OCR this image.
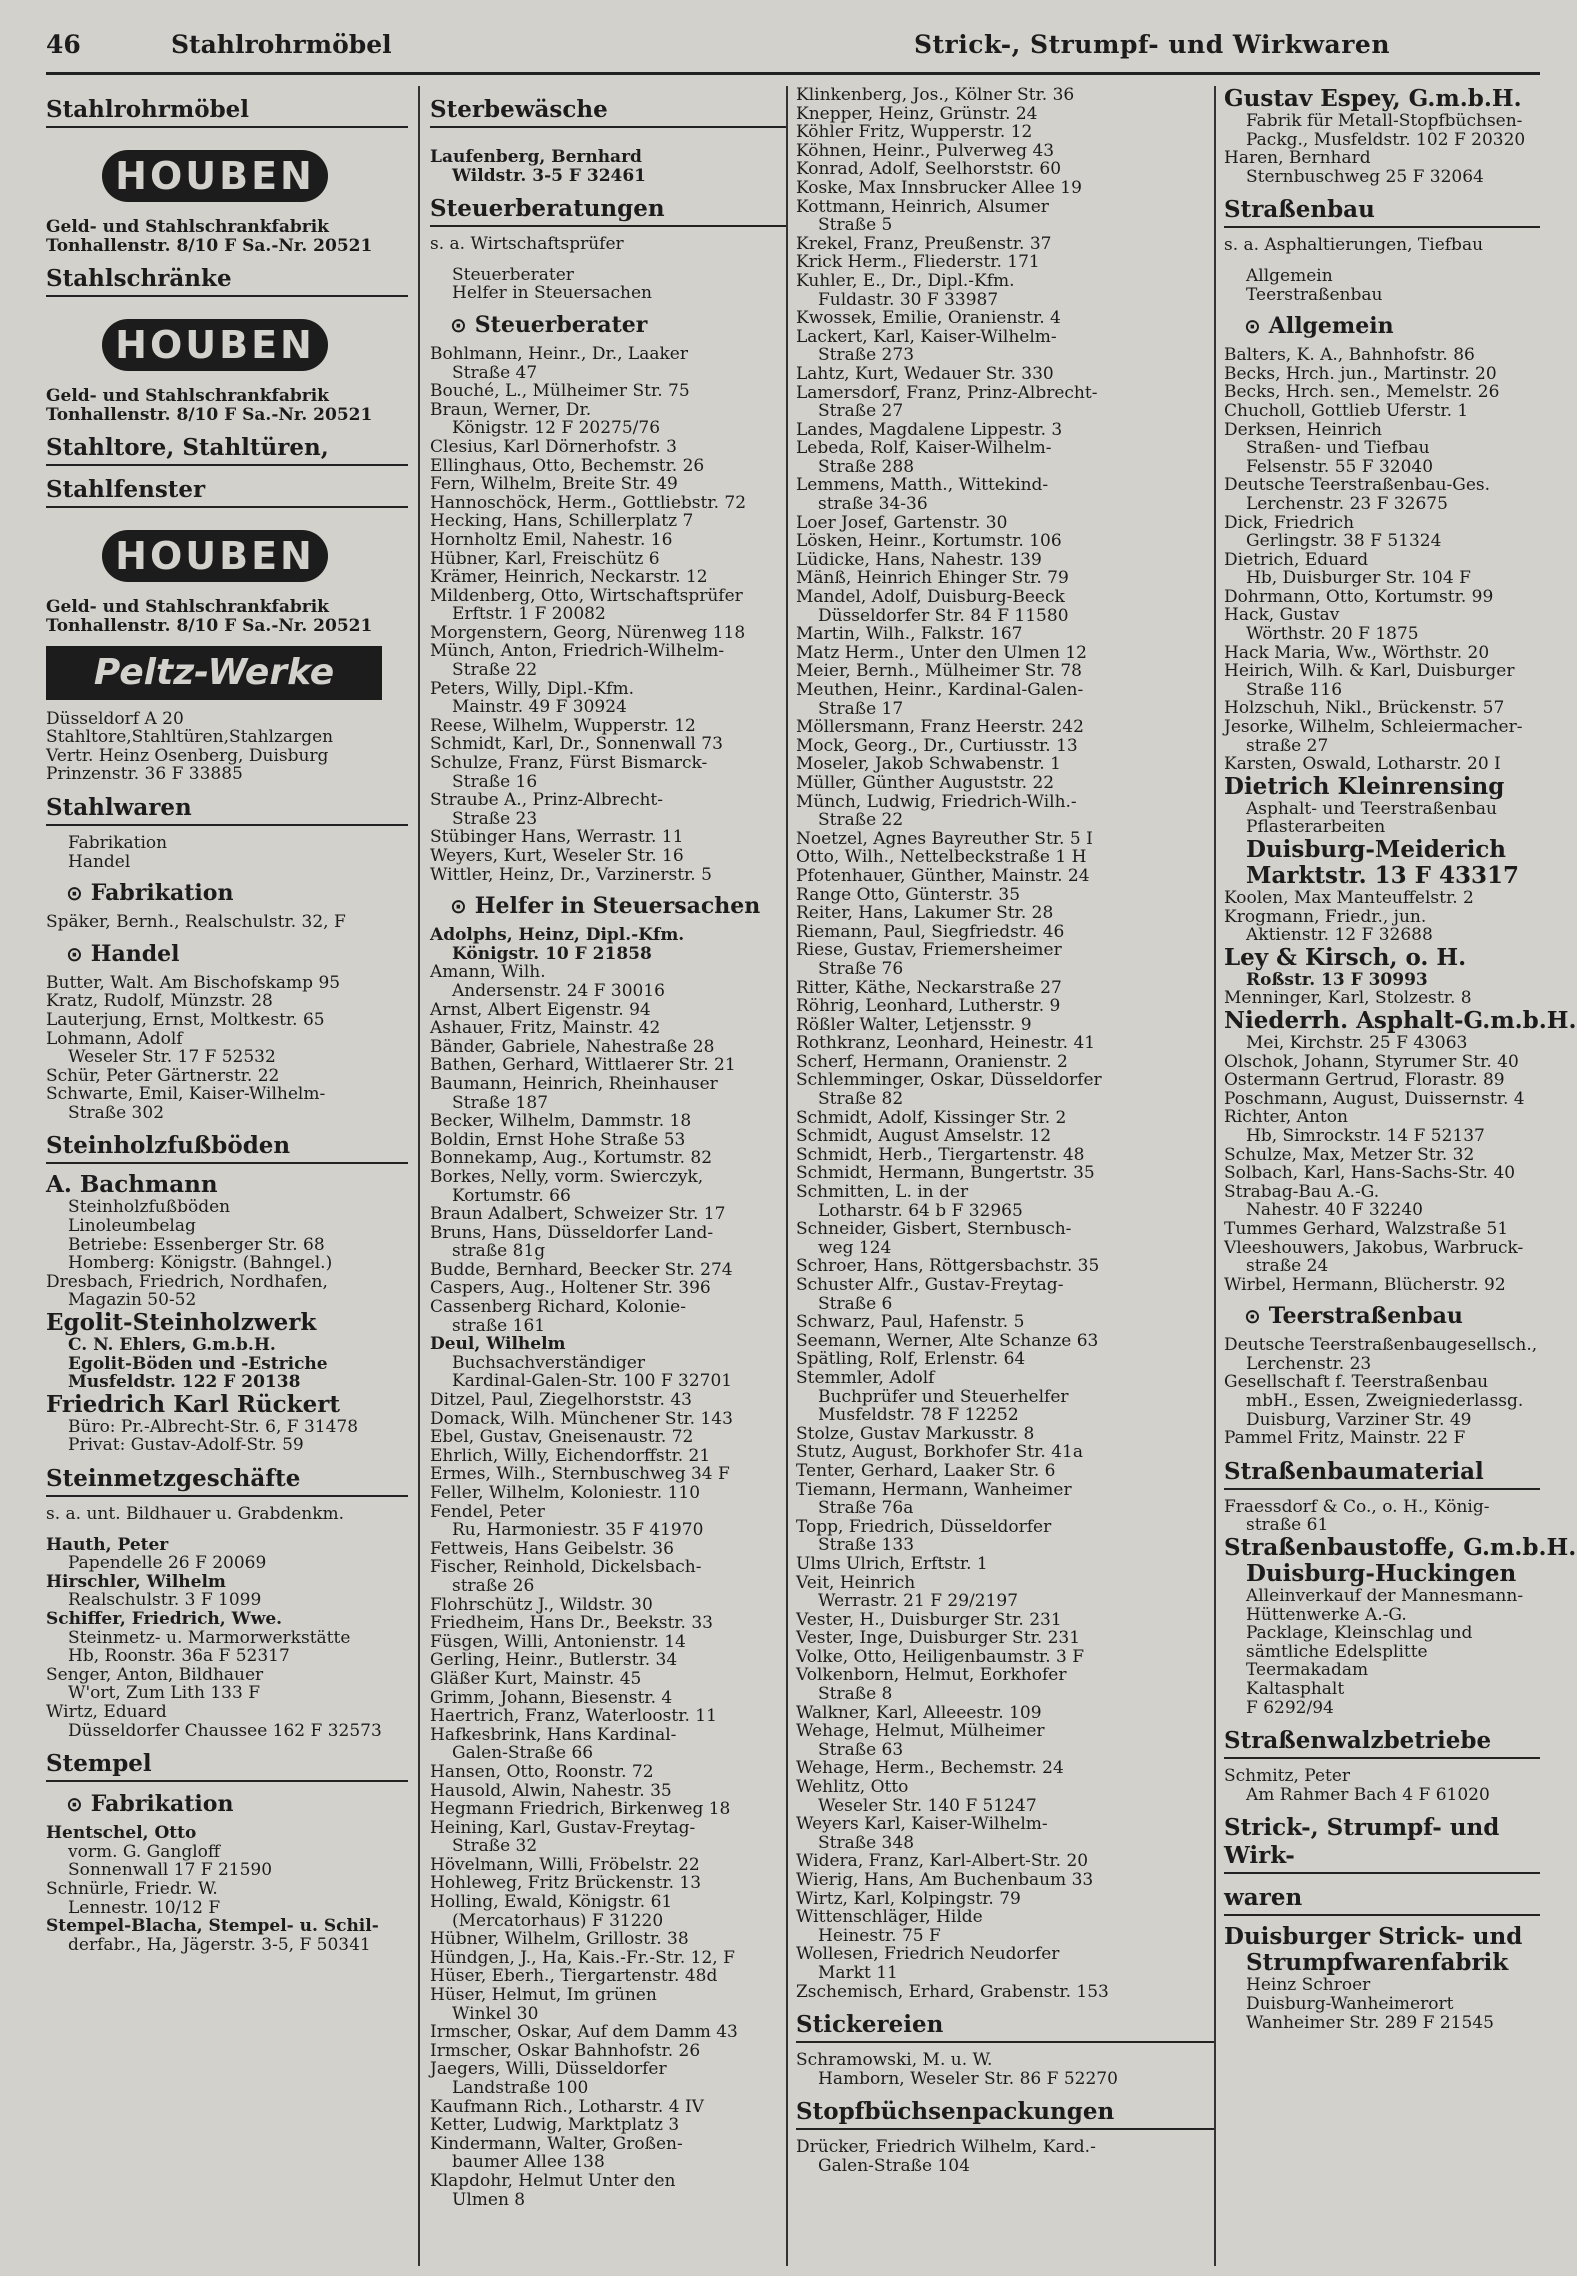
46	Stahlrohrmöbel	Strick-, Strumpf- und Wirkwaren
Stahlrohrmöbel
HOUBEN
Geld- und Stahlschrankfabrik
Tonhallenstr. 8/10 F Sa.-Nr. 20521
Stahlschränke
HOUBEN
Geld- und Stahlschrankfabrik
Tonhallenstr. 8/10 F Sa.-Nr. 20521
Stahltore, Stahltüren,
Stahlfenster
HOUBEN
Geld- und Stahlschrankfabrik
Tonhallenstr. 8/10 F Sa.-Nr. 20521
Peltz-Werke
Düsseldorf A 20
Stahltore,Stahltüren,Stahlzargen
Vertr. Heinz Osenberg, Duisburg
Prinzenstr. 36 F 33885
Stahlwaren
Fabrikation
Handel
⊙ Fabrikation
Späker, Bernh., Realschulstr. 32, F
⊙ Handel
Butter, Walt. Am Bischofskamp 95
Kratz, Rudolf, Münzstr. 28
Lauterjung, Ernst, Moltkestr. 65
Lohmann, Adolf
Weseler Str. 17 F 52532
Schür, Peter Gärtnerstr. 22
Schwarte, Emil, Kaiser-Wilhelm-
Straße 302
Steinholzfußböden
A. Bachmann
Steinholzfußböden
Linoleumbelag
Betriebe: Essenberger Str. 68
Homberg: Königstr. (Bahngel.)
Dresbach, Friedrich, Nordhafen,
Magazin 50-52
Egolit-Steinholzwerk
C. N. Ehlers, G.m.b.H.
Egolit-Böden und -Estriche
Musfeldstr. 122 F 20138
Friedrich Karl Rückert
Büro: Pr.-Albrecht-Str. 6, F 31478
Privat: Gustav-Adolf-Str. 59
Steinmetzgeschäfte
s. a. unt. Bildhauer u. Grabdenkm.
Hauth, Peter
Papendelle 26 F 20069
Hirschler, Wilhelm
Realschulstr. 3 F 1099
Schiffer, Friedrich, Wwe.
Steinmetz- u. Marmorwerkstätte
Hb, Roonstr. 36a F 52317
Senger, Anton, Bildhauer
W'ort, Zum Lith 133 F
Wirtz, Eduard
Düsseldorfer Chaussee 162 F 32573
Stempel
⊙ Fabrikation
Hentschel, Otto
vorm. G. Gangloff
Sonnenwall 17 F 21590
Schnürle, Friedr. W.
Lennestr. 10/12 F
Stempel-Blacha, Stempel- u. Schil-
derfabr., Ha, Jägerstr. 3-5, F 50341
Sterbewäsche
Laufenberg, Bernhard
Wildstr. 3-5 F 32461
Steuerberatungen
s. a. Wirtschaftsprüfer
Steuerberater
Helfer in Steuersachen
⊙ Steuerberater
Bohlmann, Heinr., Dr., Laaker
Straße 47
Bouché, L., Mülheimer Str. 75
Braun, Werner, Dr.
Königstr. 12 F 20275/76
Clesius, Karl Dörnerhofstr. 3
Ellinghaus, Otto, Bechemstr. 26
Fern, Wilhelm, Breite Str. 49
Hannoschöck, Herm., Gottliebstr. 72
Hecking, Hans, Schillerplatz 7
Hornholtz Emil, Nahestr. 16
Hübner, Karl, Freischütz 6
Krämer, Heinrich, Neckarstr. 12
Mildenberg, Otto, Wirtschaftsprüfer
Erftstr. 1 F 20082
Morgenstern, Georg, Nürenweg 118
Münch, Anton, Friedrich-Wilhelm-
Straße 22
Peters, Willy, Dipl.-Kfm.
Mainstr. 49 F 30924
Reese, Wilhelm, Wupperstr. 12
Schmidt, Karl, Dr., Sonnenwall 73
Schulze, Franz, Fürst Bismarck-
Straße 16
Straube A., Prinz-Albrecht-
Straße 23
Stübinger Hans, Werrastr. 11
Weyers, Kurt, Weseler Str. 16
Wittler, Heinz, Dr., Varzinerstr. 5
⊙ Helfer in Steuersachen
Adolphs, Heinz, Dipl.-Kfm.
Königstr. 10 F 21858
Amann, Wilh.
Andersenstr. 24 F 30016
Arnst, Albert Eigenstr. 94
Ashauer, Fritz, Mainstr. 42
Bänder, Gabriele, Nahestraße 28
Bathen, Gerhard, Wittlaerer Str. 21
Baumann, Heinrich, Rheinhauser
Straße 187
Becker, Wilhelm, Dammstr. 18
Boldin, Ernst Hohe Straße 53
Bonnekamp, Aug., Kortumstr. 82
Borkes, Nelly, vorm. Swierczyk,
Kortumstr. 66
Braun Adalbert, Schweizer Str. 17
Bruns, Hans, Düsseldorfer Land-
straße 81g
Budde, Bernhard, Beecker Str. 274
Caspers, Aug., Holtener Str. 396
Cassenberg Richard, Kolonie-
straße 161
Deul, Wilhelm
Buchsachverständiger
Kardinal-Galen-Str. 100 F 32701
Ditzel, Paul, Ziegelhorststr. 43
Domack, Wilh. Münchener Str. 143
Ebel, Gustav, Gneisenaustr. 72
Ehrlich, Willy, Eichendorffstr. 21
Ermes, Wilh., Sternbuschweg 34 F
Feller, Wilhelm, Koloniestr. 110
Fendel, Peter
Ru, Harmoniestr. 35 F 41970
Fettweis, Hans Geibelstr. 36
Fischer, Reinhold, Dickelsbach-
straße 26
Flohrschütz J., Wildstr. 30
Friedheim, Hans Dr., Beekstr. 33
Füsgen, Willi, Antonienstr. 14
Gerling, Heinr., Butlerstr. 34
Gläßer Kurt, Mainstr. 45
Grimm, Johann, Biesenstr. 4
Haertrich, Franz, Waterloostr. 11
Hafkesbrink, Hans Kardinal-
Galen-Straße 66
Hansen, Otto, Roonstr. 72
Hausold, Alwin, Nahestr. 35
Hegmann Friedrich, Birkenweg 18
Heining, Karl, Gustav-Freytag-
Straße 32
Hövelmann, Willi, Fröbelstr. 22
Hohleweg, Fritz Brückenstr. 13
Holling, Ewald, Königstr. 61
(Mercatorhaus) F 31220
Hübner, Wilhelm, Grillostr. 38
Hündgen, J., Ha, Kais.-Fr.-Str. 12, F
Hüser, Eberh., Tiergartenstr. 48d
Hüser, Helmut, Im grünen
Winkel 30
Irmscher, Oskar, Auf dem Damm 43
Irmscher, Oskar Bahnhofstr. 26
Jaegers, Willi, Düsseldorfer
Landstraße 100
Kaufmann Rich., Lotharstr. 4 IV
Ketter, Ludwig, Marktplatz 3
Kindermann, Walter, Großen-
baumer Allee 138
Klapdohr, Helmut Unter den
Ulmen 8
Klinkenberg, Jos., Kölner Str. 36
Knepper, Heinz, Grünstr. 24
Köhler Fritz, Wupperstr. 12
Köhnen, Heinr., Pulverweg 43
Konrad, Adolf, Seelhorststr. 60
Koske, Max Innsbrucker Allee 19
Kottmann, Heinrich, Alsumer
Straße 5
Krekel, Franz, Preußenstr. 37
Krick Herm., Fliederstr. 171
Kuhler, E., Dr., Dipl.-Kfm.
Fuldastr. 30 F 33987
Kwossek, Emilie, Oranienstr. 4
Lackert, Karl, Kaiser-Wilhelm-
Straße 273
Lahtz, Kurt, Wedauer Str. 330
Lamersdorf, Franz, Prinz-Albrecht-
Straße 27
Landes, Magdalene Lippestr. 3
Lebeda, Rolf, Kaiser-Wilhelm-
Straße 288
Lemmens, Matth., Wittekind-
straße 34-36
Loer Josef, Gartenstr. 30
Lösken, Heinr., Kortumstr. 106
Lüdicke, Hans, Nahestr. 139
Mänß, Heinrich Ehinger Str. 79
Mandel, Adolf, Duisburg-Beeck
Düsseldorfer Str. 84 F 11580
Martin, Wilh., Falkstr. 167
Matz Herm., Unter den Ulmen 12
Meier, Bernh., Mülheimer Str. 78
Meuthen, Heinr., Kardinal-Galen-
Straße 17
Möllersmann, Franz Heerstr. 242
Mock, Georg., Dr., Curtiusstr. 13
Moseler, Jakob Schwabenstr. 1
Müller, Günther Auguststr. 22
Münch, Ludwig, Friedrich-Wilh.-
Straße 22
Noetzel, Agnes Bayreuther Str. 5 I
Otto, Wilh., Nettelbeckstraße 1 H
Pfotenhauer, Günther, Mainstr. 24
Range Otto, Günterstr. 35
Reiter, Hans, Lakumer Str. 28
Riemann, Paul, Siegfriedstr. 46
Riese, Gustav, Friemersheimer
Straße 76
Ritter, Käthe, Neckarstraße 27
Röhrig, Leonhard, Lutherstr. 9
Rößler Walter, Letjensstr. 9
Rothkranz, Leonhard, Heinestr. 41
Scherf, Hermann, Oranienstr. 2
Schlemminger, Oskar, Düsseldorfer
Straße 82
Schmidt, Adolf, Kissinger Str. 2
Schmidt, August Amselstr. 12
Schmidt, Herb., Tiergartenstr. 48
Schmidt, Hermann, Bungertstr. 35
Schmitten, L. in der
Lotharstr. 64 b F 32965
Schneider, Gisbert, Sternbusch-
weg 124
Schroer, Hans, Röttgersbachstr. 35
Schuster Alfr., Gustav-Freytag-
Straße 6
Schwarz, Paul, Hafenstr. 5
Seemann, Werner, Alte Schanze 63
Spätling, Rolf, Erlenstr. 64
Stemmler, Adolf
Buchprüfer und Steuerhelfer
Musfeldstr. 78 F 12252
Stolze, Gustav Markusstr. 8
Stutz, August, Borkhofer Str. 41a
Tenter, Gerhard, Laaker Str. 6
Tiemann, Hermann, Wanheimer
Straße 76a
Topp, Friedrich, Düsseldorfer
Straße 133
Ulms Ulrich, Erftstr. 1
Veit, Heinrich
Werrastr. 21 F 29/2197
Vester, H., Duisburger Str. 231
Vester, Inge, Duisburger Str. 231
Volke, Otto, Heiligenbaumstr. 3 F
Volkenborn, Helmut, Eorkhofer
Straße 8
Walkner, Karl, Alleeestr. 109
Wehage, Helmut, Mülheimer
Straße 63
Wehage, Herm., Bechemstr. 24
Wehlitz, Otto
Weseler Str. 140 F 51247
Weyers Karl, Kaiser-Wilhelm-
Straße 348
Widera, Franz, Karl-Albert-Str. 20
Wierig, Hans, Am Buchenbaum 33
Wirtz, Karl, Kolpingstr. 79
Wittenschläger, Hilde
Heinestr. 75 F
Wollesen, Friedrich Neudorfer
Markt 11
Zschemisch, Erhard, Grabenstr. 153
Stickereien
Schramowski, M. u. W.
Hamborn, Weseler Str. 86 F 52270
Stopfbüchsenpackungen
Drücker, Friedrich Wilhelm, Kard.-
Galen-Straße 104
Gustav Espey, G.m.b.H.
Fabrik für Metall-Stopfbüchsen-
Packg., Musfeldstr. 102 F 20320
Haren, Bernhard
Sternbuschweg 25 F 32064
Straßenbau
s. a. Asphaltierungen, Tiefbau
Allgemein
Teerstraßenbau
⊙ Allgemein
Balters, K. A., Bahnhofstr. 86
Becks, Hrch. jun., Martinstr. 20
Becks, Hrch. sen., Memelstr. 26
Chucholl, Gottlieb Uferstr. 1
Derksen, Heinrich
Straßen- und Tiefbau
Felsenstr. 55 F 32040
Deutsche Teerstraßenbau-Ges.
Lerchenstr. 23 F 32675
Dick, Friedrich
Gerlingstr. 38 F 51324
Dietrich, Eduard
Hb, Duisburger Str. 104 F
Dohrmann, Otto, Kortumstr. 99
Hack, Gustav
Wörthstr. 20 F 1875
Hack Maria, Ww., Wörthstr. 20
Heirich, Wilh. & Karl, Duisburger
Straße 116
Holzschuh, Nikl., Brückenstr. 57
Jesorke, Wilhelm, Schleiermacher-
straße 27
Karsten, Oswald, Lotharstr. 20 I
Dietrich Kleinrensing
Asphalt- und Teerstraßenbau
Pflasterarbeiten
Duisburg-Meiderich
Marktstr. 13 F 43317
Koolen, Max Manteuffelstr. 2
Krogmann, Friedr., jun.
Aktienstr. 12 F 32688
Ley & Kirsch, o. H.
Roßstr. 13 F 30993
Menninger, Karl, Stolzestr. 8
Niederrh. Asphalt-G.m.b.H.
Mei, Kirchstr. 25 F 43063
Olschok, Johann, Styrumer Str. 40
Ostermann Gertrud, Florastr. 89
Poschmann, August, Duissernstr. 4
Richter, Anton
Hb, Simrockstr. 14 F 52137
Schulze, Max, Metzer Str. 32
Solbach, Karl, Hans-Sachs-Str. 40
Strabag-Bau A.-G.
Nahestr. 40 F 32240
Tummes Gerhard, Walzstraße 51
Vleeshouwers, Jakobus, Warbruck-
straße 24
Wirbel, Hermann, Blücherstr. 92
⊙ Teerstraßenbau
Deutsche Teerstraßenbaugesellsch.,
Lerchenstr. 23
Gesellschaft f. Teerstraßenbau
mbH., Essen, Zweigniederlassg.
Duisburg, Varziner Str. 49
Pammel Fritz, Mainstr. 22 F
Straßenbaumaterial
Fraessdorf & Co., o. H., König-
straße 61
Straßenbaustoffe, G.m.b.H.
Duisburg-Huckingen
Alleinverkauf der Mannesmann-
Hüttenwerke A.-G.
Packlage, Kleinschlag und
sämtliche Edelsplitte
Teermakadam
Kaltasphalt
F 6292/94
Straßenwalzbetriebe
Schmitz, Peter
Am Rahmer Bach 4 F 61020
Strick-, Strumpf- und Wirk-
waren
Duisburger Strick- und
Strumpfwarenfabrik
Heinz Schroer
Duisburg-Wanheimerort
Wanheimer Str. 289 F 21545
